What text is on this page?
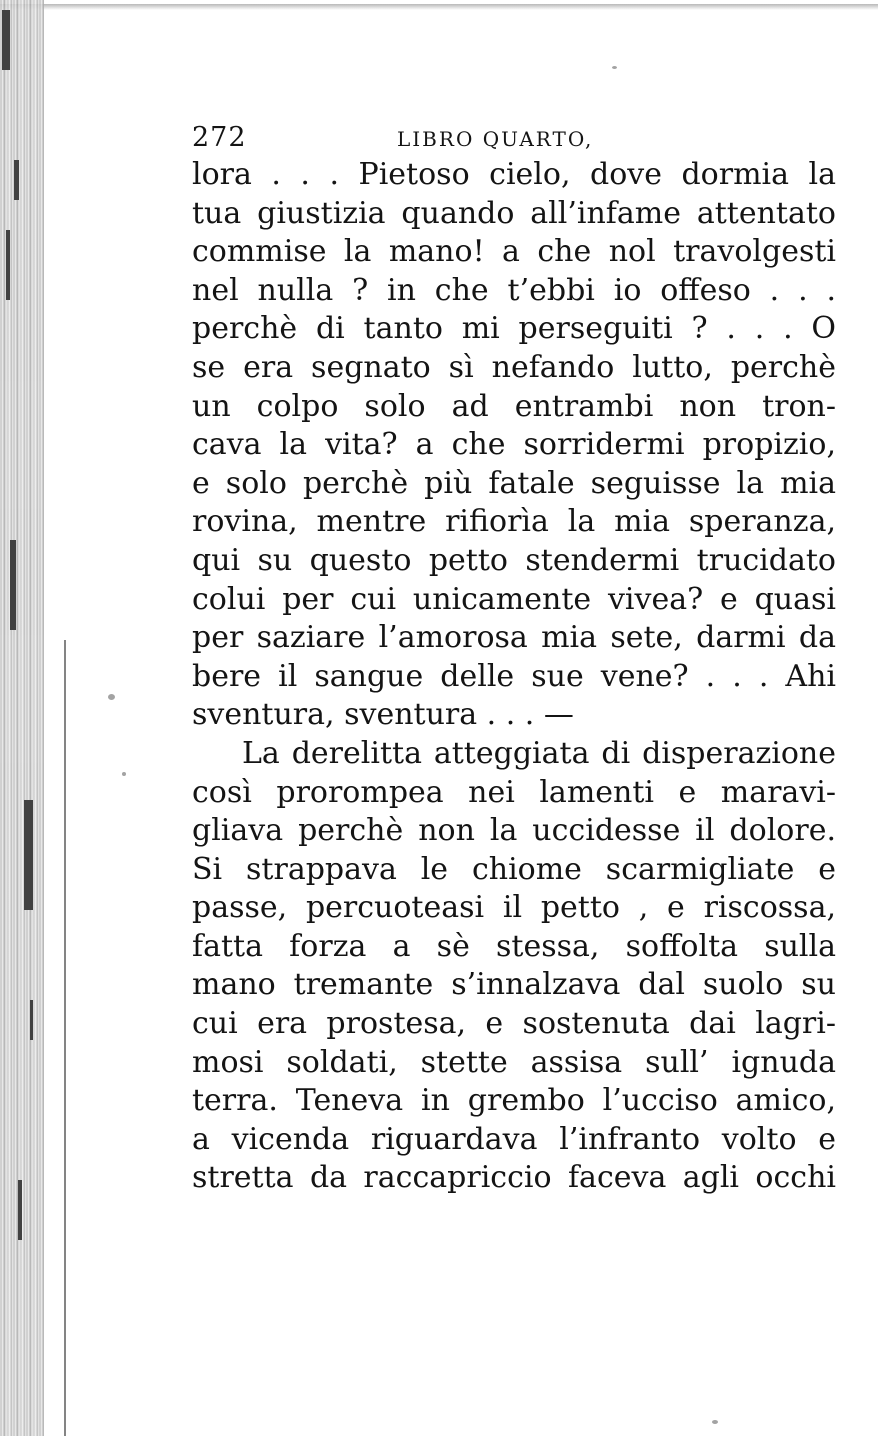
272	LIBRO QUARTO,
lora . . . Pietoso cielo, dove dormia la
tua giustizia quando all’infame attentato
commise la mano! a che nol travolgesti
nel nulla ? in che t’ebbi io offeso . . .
perchè di tanto mi perseguiti ? . . . O
se era segnato sì nefando lutto, perchè
un colpo solo ad entrambi non tron-
cava la vita? a che sorridermi propizio,
e solo perchè più fatale seguisse la mia
rovina, mentre rifiorìa la mia speranza,
qui su questo petto stendermi trucidato
colui per cui unicamente vivea? e quasi
per saziare l’amorosa mia sete, darmi da
bere il sangue delle sue vene? . . . Ahi
sventura, sventura . . . —
La derelitta atteggiata di disperazione
così prorompea nei lamenti e maravi-
gliava perchè non la uccidesse il dolore.
Si strappava le chiome scarmigliate e
passe, percuoteasi il petto , e riscossa,
fatta forza a sè stessa, soffolta sulla
mano tremante s’innalzava dal suolo su
cui era prostesa, e sostenuta dai lagri-
mosi soldati, stette assisa sull’ ignuda
terra. Teneva in grembo l’ucciso amico,
a vicenda riguardava l’infranto volto e
stretta da raccapriccio faceva agli occhi
